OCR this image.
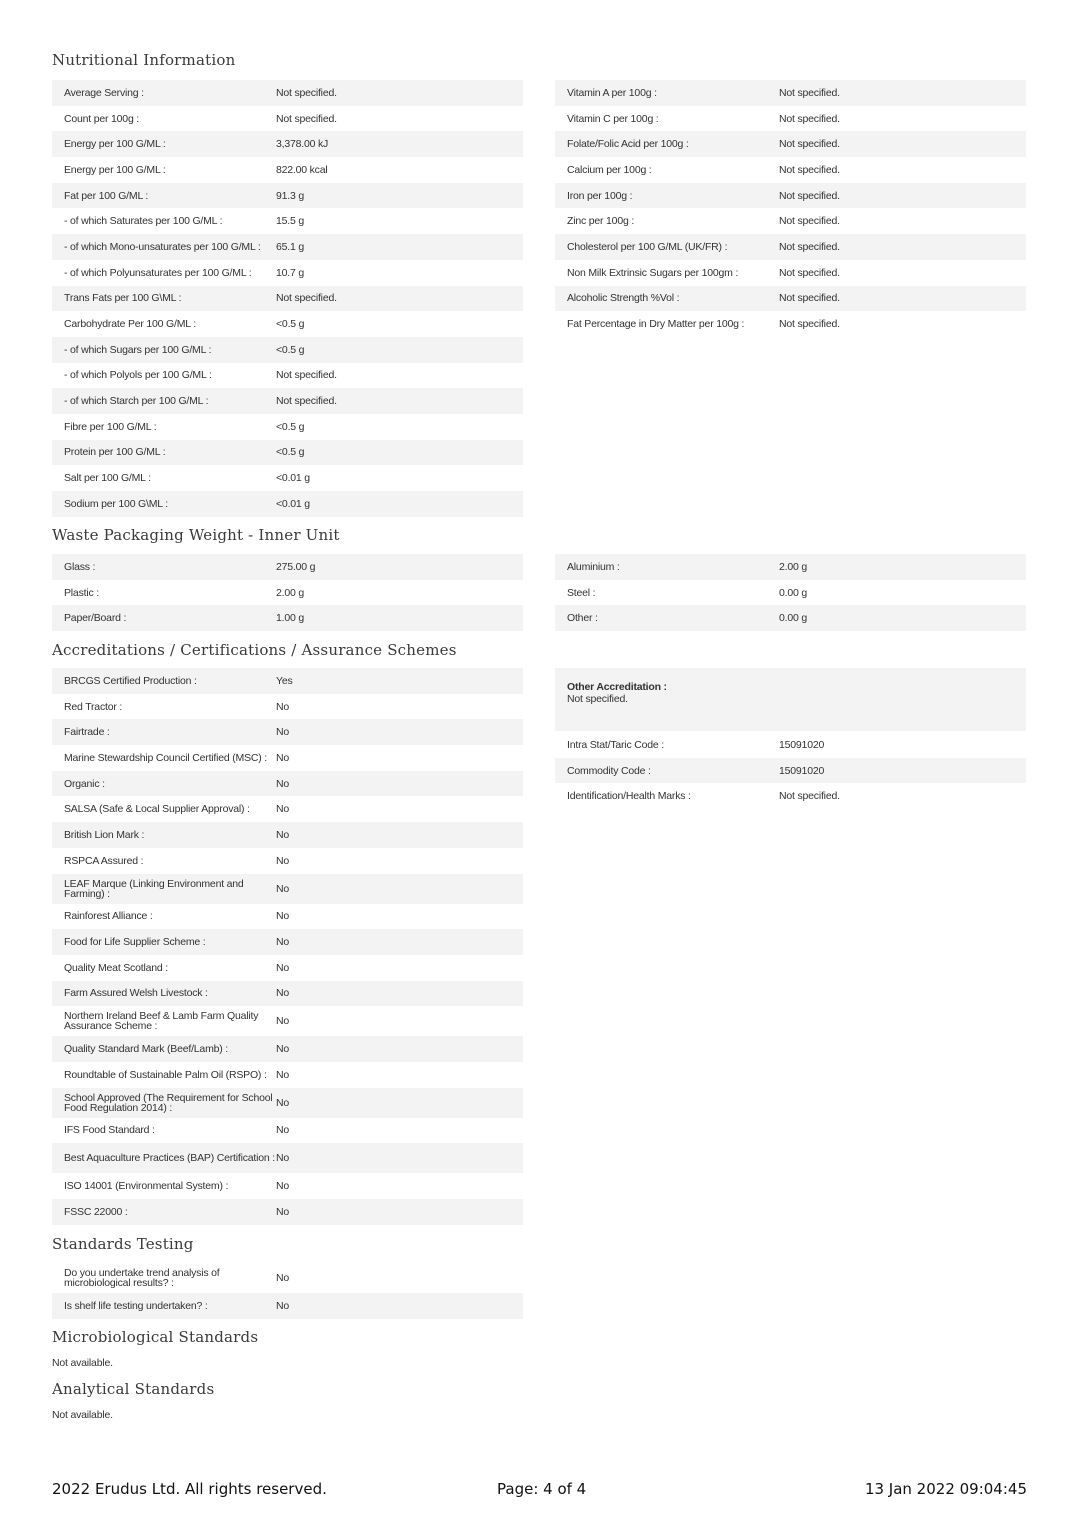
Nutritional Information
Average Serving :	Not specified.
Count per 100g :	Not specified.
Energy per 100 G/ML :	3,378.00 kJ
Energy per 100 G/ML :	822.00 kcal
Fat per 100 G/ML :	91.3 g
- of which Saturates per 100 G/ML :	15.5 g
- of which Mono-unsaturates per 100 G/ML :	65.1 g
- of which Polyunsaturates per 100 G/ML :	10.7 g
Trans Fats per 100 G\ML :	Not specified.
Carbohydrate Per 100 G/ML :	<0.5 g
- of which Sugars per 100 G/ML :	<0.5 g
- of which Polyols per 100 G/ML :	Not specified.
- of which Starch per 100 G/ML :	Not specified.
Fibre per 100 G/ML :	<0.5 g
Protein per 100 G/ML :	<0.5 g
Salt per 100 G/ML :	<0.01 g
Sodium per 100 G\ML :	<0.01 g
Vitamin A per 100g :	Not specified.
Vitamin C per 100g :	Not specified.
Folate/Folic Acid per 100g :	Not specified.
Calcium per 100g :	Not specified.
Iron per 100g :	Not specified.
Zinc per 100g :	Not specified.
Cholesterol per 100 G/ML (UK/FR) :	Not specified.
Non Milk Extrinsic Sugars per 100gm :	Not specified.
Alcoholic Strength %Vol :	Not specified.
Fat Percentage in Dry Matter per 100g :	Not specified.
Waste Packaging Weight - Inner Unit
Glass :	275.00 g
Plastic :	2.00 g
Paper/Board :	1.00 g
Aluminium :	2.00 g
Steel :	0.00 g
Other :	0.00 g
Accreditations / Certifications / Assurance Schemes
BRCGS Certified Production :	Yes
Red Tractor :	No
Fairtrade :	No
Marine Stewardship Council Certified (MSC) : No
Organic :	No
SALSA (Safe & Local Supplier Approval) :	No
British Lion Mark :	No
RSPCA Assured :	No
LEAF Marque (Linking Environment and Farming) :	No
Rainforest Alliance :	No
Food for Life Supplier Scheme :	No
Quality Meat Scotland :	No
Farm Assured Welsh Livestock :	No
Northern Ireland Beef & Lamb Farm Quality Assurance Scheme :	No
Quality Standard Mark (Beef/Lamb) :	No
Roundtable of Sustainable Palm Oil (RSPO) : No
School Approved (The Requirement for School Food Regulation 2014) :	No
IFS Food Standard :	No
Best Aquaculture Practices (BAP) Certification : No
ISO 14001 (Environmental System) :	No
FSSC 22000 :	No
Other Accreditation :
Not specified.
Intra Stat/Taric Code :	15091020
Commodity Code :	15091020
Identification/Health Marks :	Not specified.
Standards Testing
Do you undertake trend analysis of microbiological results? :	No
Is shelf life testing undertaken? :	No
Microbiological Standards
Not available.
Analytical Standards
Not available.
2022 Erudus Ltd. All rights reserved.	Page: 4 of 4	13 Jan 2022 09:04:45
